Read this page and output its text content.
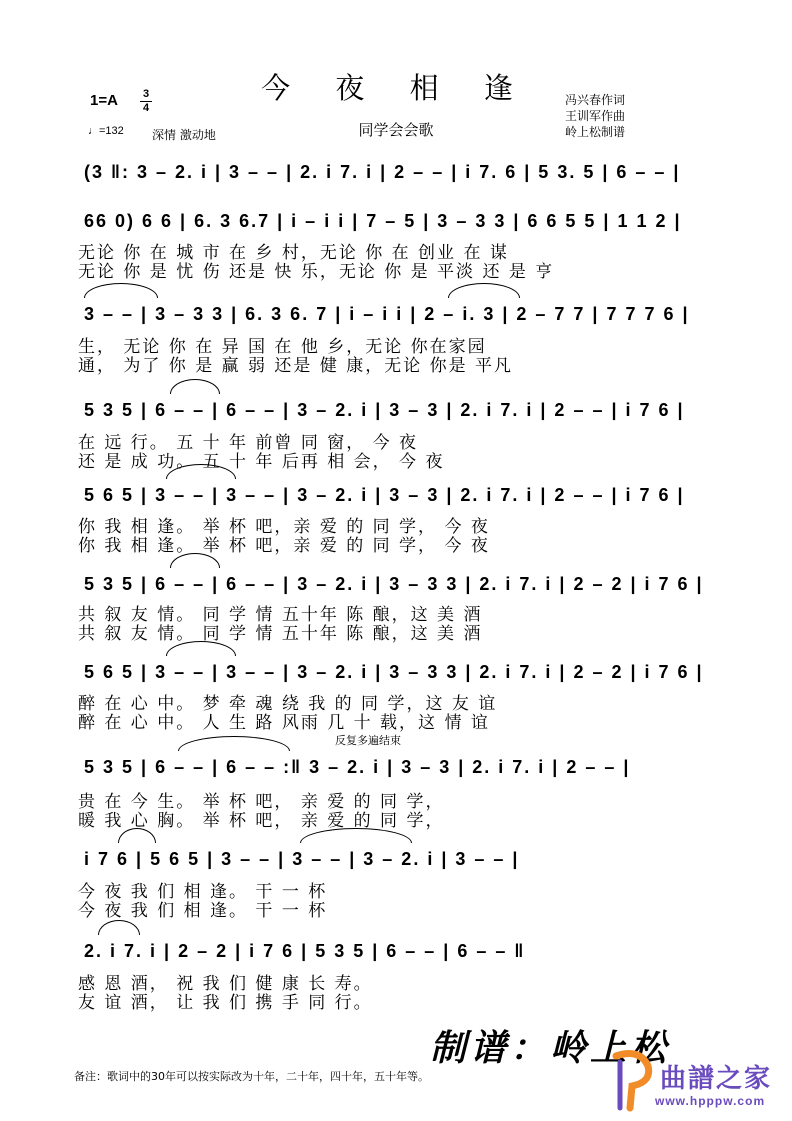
今 夜 相 逢
1=A	3
4
♩=132 深情 激动地	同学会会歌
冯兴春作词
王训军作曲
岭上松制谱
(3 ‖: 3 – 2. i | 3 – – | 2. i 7. i | 2 – – | i 7. 6 | 5 3. 5 | 6 – – |
66 0) 6 6 | 6. 3 6.7 | i – i i | 7 – 5 | 3 – 3 3 | 6 6 5 5 | 1 1 2 |
3 – – | 3 – 3 3 | 6. 3 6. 7 | i – i i | 2 – i. 3 | 2 – 7 7 | 7 7 7 6 |
5 3 5 | 6 – – | 6 – – | 3 – 2. i | 3 – 3 | 2. i 7. i | 2 – – | i 7 6 |
5 6 5 | 3 – – | 3 – – | 3 – 2. i | 3 – 3 | 2. i 7. i | 2 – – | i 7 6 |
5 3 5 | 6 – – | 6 – – | 3 – 2. i | 3 – 3 3 | 2. i 7. i | 2 – 2 | i 7 6 |
5 6 5 | 3 – – | 3 – – | 3 – 2. i | 3 – 3 3 | 2. i 7. i | 2 – 2 | i 7 6 |
反复多遍结束
5 3 5 | 6 – – | 6 – – :‖ 3 – 2. i | 3 – 3 | 2. i 7. i | 2 – – |
i 7 6 | 5 6 5 | 3 – – | 3 – – | 3 – 2. i | 3 – – |
2. i 7. i | 2 – 2 | i 7 6 | 5 3 5 | 6 – – | 6 – – ‖
无论 你 在 城 市 在 乡 村，无论 你 在 创业 在 谋
无论 你 是 忧 伤 还是 快 乐，无论 你 是 平淡 还 是 亨
生， 无论 你 在 异 国 在 他 乡，无论 你在家园
通， 为了 你 是 赢 弱 还是 健 康，无论 你是 平凡
在 远 行。 五 十 年 前曾 同 窗， 今 夜
还 是 成 功。 五 十 年 后再 相 会， 今 夜
你 我 相 逢。 举 杯 吧，亲 爱 的 同 学， 今 夜
你 我 相 逢。 举 杯 吧，亲 爱 的 同 学， 今 夜
共 叙 友 情。 同 学 情 五十年 陈 酿，这 美 酒
共 叙 友 情。 同 学 情 五十年 陈 酿，这 美 酒
醉 在 心 中。 梦 牵 魂 绕 我 的 同 学，这 友 谊
醉 在 心 中。 人 生 路 风雨 几 十 载，这 情 谊
贵 在 今 生。 举 杯 吧， 亲 爱 的 同 学，
暖 我 心 胸。 举 杯 吧， 亲 爱 的 同 学，
今 夜 我 们 相 逢。 干 一 杯
今 夜 我 们 相 逢。 干 一 杯
感 恩 酒， 祝 我 们 健 康 长 寿。
友 谊 酒， 让 我 们 携 手 同 行。
制谱：岭上松
备注：歌词中的30年可以按实际改为十年，二十年，四十年，五十年等。	曲譜之家
www.hpppw.com
